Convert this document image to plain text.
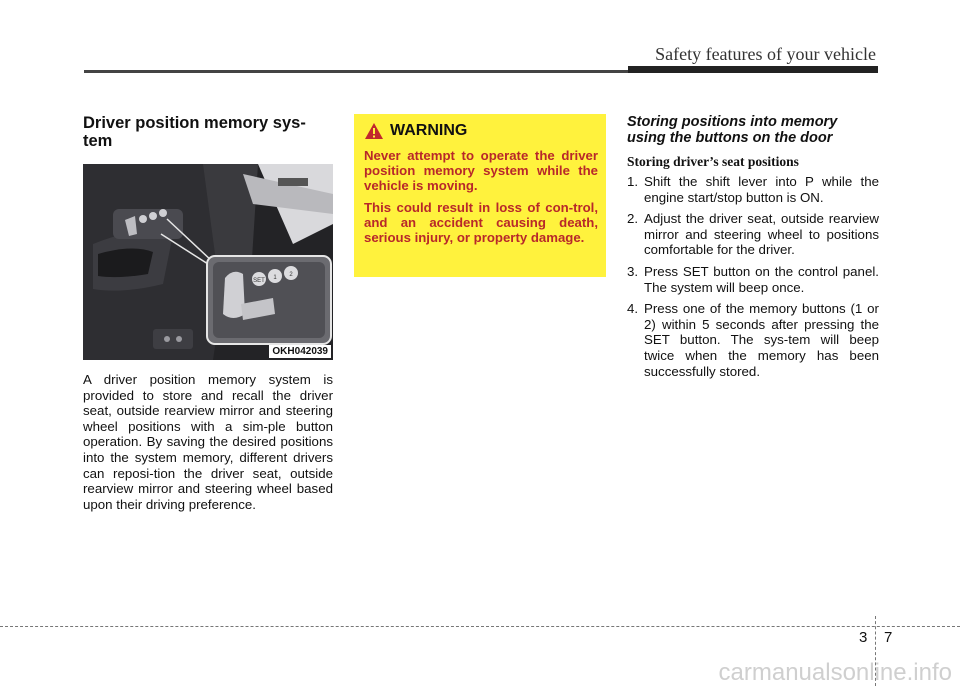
Safety features of your vehicle
Driver position memory sys-
tem
SET 1 2
OKH042039

A driver position memory system is provided to store and recall the driver seat, outside rearview mirror and steering wheel positions with a sim-ple button operation. By saving the desired positions into the system memory, different drivers can reposi-tion the driver seat, outside rearview mirror and steering wheel based upon their driving preference.

WARNING

Never attempt to operate the driver position memory system while the vehicle is moving.

This could result in loss of con-trol, and an accident causing death, serious injury, or property damage.

Storing positions into memory using the buttons on the door
Storing driver’s seat positions
1. Shift the shift lever into P while the engine start/stop button is ON.
2. Adjust the driver seat, outside rearview mirror and steering wheel to positions comfortable for the driver.
3. Press SET button on the control panel. The system will beep once.
4. Press one of the memory buttons (1 or 2) within 5 seconds after pressing the SET button. The sys-tem will beep twice when the memory has been successfully stored.
3 7
carmanualsonline.info
